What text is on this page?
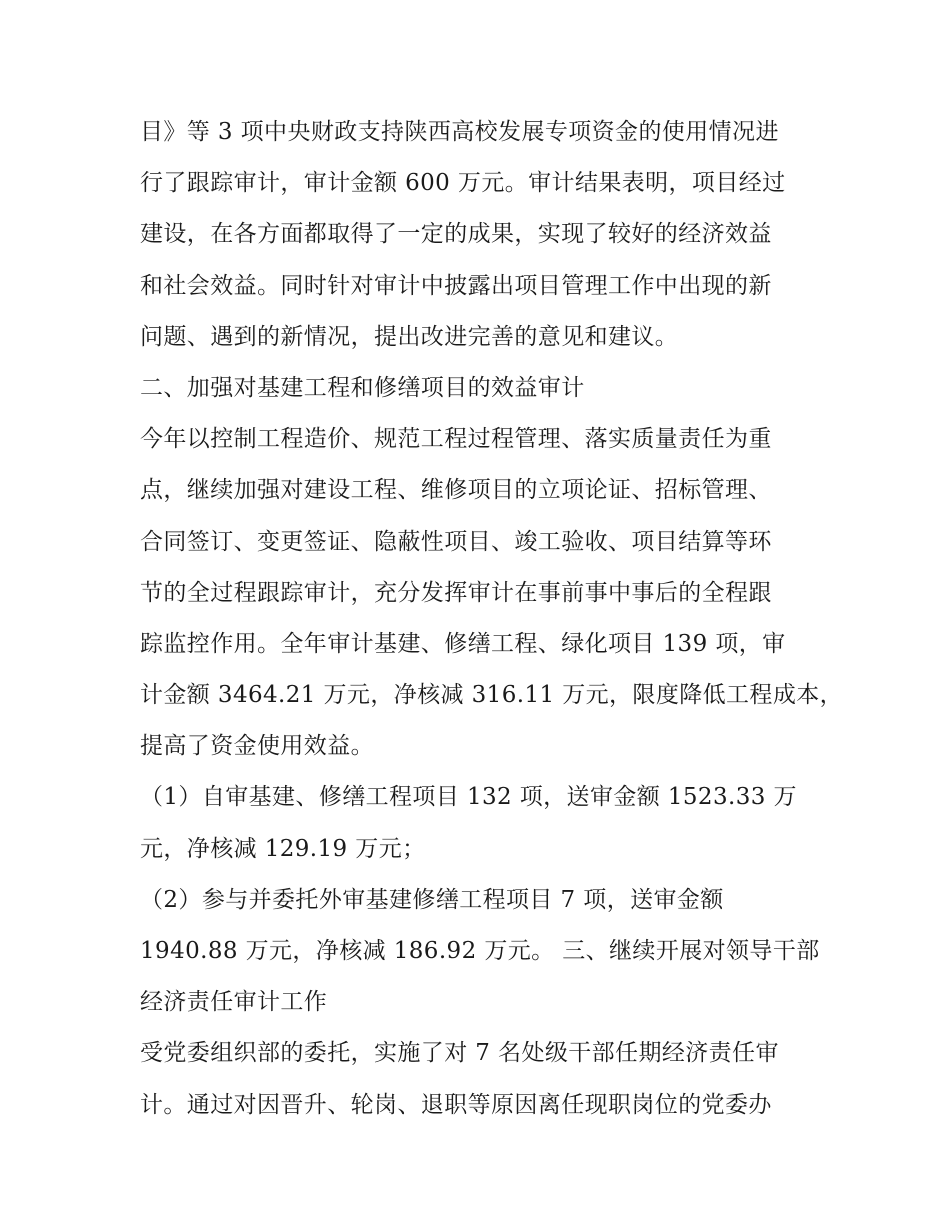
目》等 3 项中央财政支持陕西高校发展专项资金的使用情况进
行了跟踪审计，审计金额 600 万元。审计结果表明，项目经过
建设，在各方面都取得了一定的成果，实现了较好的经济效益
和社会效益。同时针对审计中披露出项目管理工作中出现的新
问题、遇到的新情况，提出改进完善的意见和建议。
二、加强对基建工程和修缮项目的效益审计
今年以控制工程造价、规范工程过程管理、落实质量责任为重
点，继续加强对建设工程、维修项目的立项论证、招标管理、
合同签订、变更签证、隐蔽性项目、竣工验收、项目结算等环
节的全过程跟踪审计，充分发挥审计在事前事中事后的全程跟
踪监控作用。全年审计基建、修缮工程、绿化项目 139 项，审
计金额 3464.21 万元，净核减 316.11 万元，限度降低工程成本，
提高了资金使用效益。
（1）自审基建、修缮工程项目 132 项，送审金额 1523.33 万
元，净核减 129.19 万元；
（2）参与并委托外审基建修缮工程项目 7 项，送审金额
1940.88 万元，净核减 186.92 万元。 三、继续开展对领导干部
经济责任审计工作
受党委组织部的委托，实施了对 7 名处级干部任期经济责任审
计。通过对因晋升、轮岗、退职等原因离任现职岗位的党委办
